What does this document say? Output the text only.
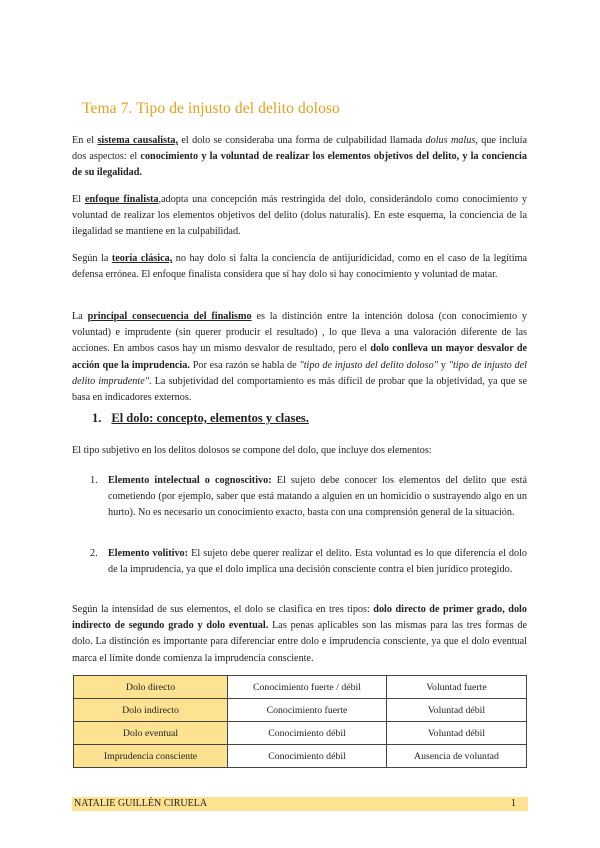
Tema 7. Tipo de injusto del delito doloso

En el sistema causalista, el dolo se consideraba una forma de culpabilidad llamada dolus malus, que incluía dos aspectos: el conocimiento y la voluntad de realizar los elementos objetivos del delito, y la conciencia de su ilegalidad.

El enfoque finalista,adopta una concepción más restringida del dolo, considerándolo como conocimiento y voluntad de realizar los elementos objetivos del delito (dolus naturalis). En este esquema, la conciencia de la ilegalidad se mantiene en la culpabilidad.

Según la teoría clásica, no hay dolo si falta la conciencia de antijuridicidad, como en el caso de la legítima defensa errónea. El enfoque finalista considera que sí hay dolo si hay conocimiento y voluntad de matar.

La principal consecuencia del finalismo es la distinción entre la intención dolosa (con conocimiento y voluntad) e imprudente (sin querer producir el resultado) , lo que lleva a una valoración diferente de las acciones. En ambos casos hay un mismo desvalor de resultado, pero el dolo conlleva un mayor desvalor de acción que la imprudencia. Por esa razón se habla de "tipo de injusto del delito doloso" y "tipo de injusto del delito imprudente". La subjetividad del comportamiento es más difícil de probar que la objetividad, ya que se basa en indicadores externos.

1. El dolo: concepto, elementos y clases.

El tipo subjetivo en los delitos dolosos se compone del dolo, que incluye dos elementos:

1. Elemento intelectual o cognoscitivo: El sujeto debe conocer los elementos del delito que está cometiendo (por ejemplo, saber que está matando a alguien en un homicidio o sustrayendo algo en un hurto). No es necesario un conocimiento exacto, basta con una comprensión general de la situación.
2. Elemento volitivo: El sujeto debe querer realizar el delito. Esta voluntad es lo que diferencia el dolo de la imprudencia, ya que el dolo implica una decisión consciente contra el bien jurídico protegido.

Según la intensidad de sus elementos, el dolo se clasifica en tres tipos: dolo directo de primer grado, dolo indirecto de segundo grado y dolo eventual. Las penas aplicables son las mismas para las tres formas de dolo. La distinción es importante para diferenciar entre dolo e imprudencia consciente, ya que el dolo eventual marca el límite donde comienza la imprudencia consciente.

Dolo directo	Conocimiento fuerte / débil	Voluntad fuerte
Dolo indirecto	Conocimiento fuerte	Voluntad débil
Dolo eventual	Conocimiento débil	Voluntad débil
Imprudencia consciente	Conocimiento débil	Ausencia de voluntad
NATALIE GUILLÉN CIRUELA	1
